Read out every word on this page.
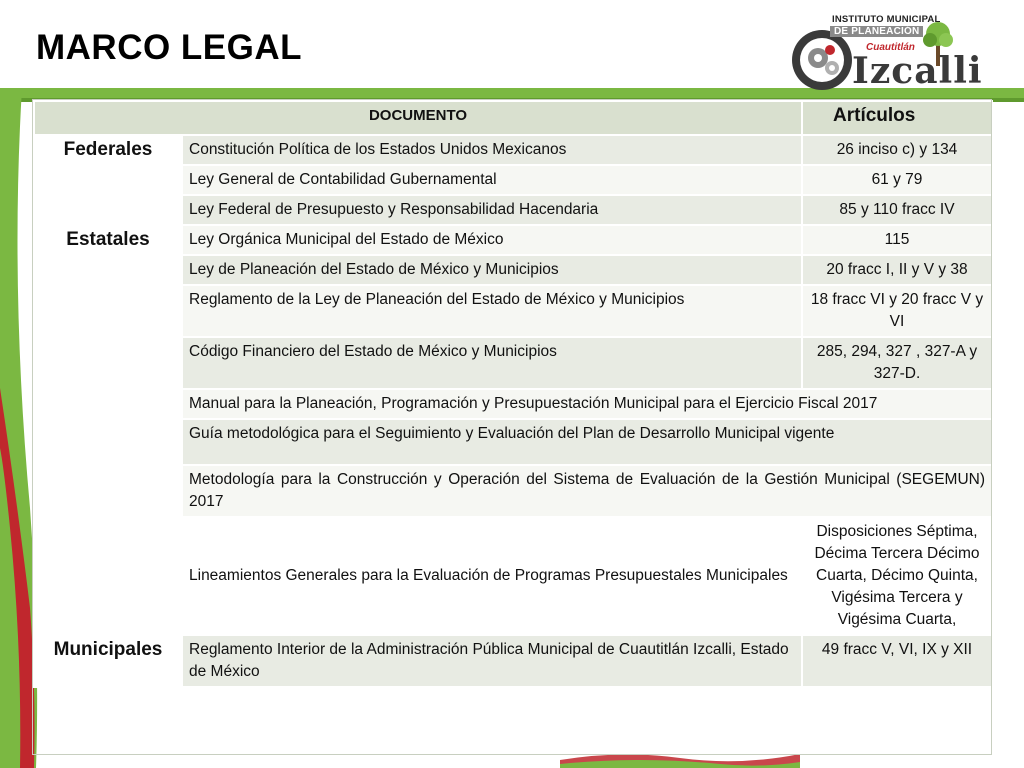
MARCO LEGAL
INSTITUTO MUNICIPAL
DE PLANEACIÓN
Cuautitlán
Izcalli
DOCUMENTO		Artículos
Federales	Constitución Política de los Estados Unidos Mexicanos	26 inciso c) y 134
	Ley General de Contabilidad Gubernamental	61 y 79
	Ley Federal de Presupuesto y Responsabilidad Hacendaria	85 y 110 fracc IV
Estatales	Ley Orgánica Municipal del Estado de México	115
	Ley de Planeación del Estado de México y Municipios	20 fracc I, II y V y 38
	Reglamento de la Ley de Planeación del Estado de México y Municipios	18 fracc VI y 20 fracc V y VI
	Código Financiero del Estado de México y Municipios	285, 294, 327 , 327-A y 327-D.
	Manual para la Planeación, Programación y Presupuestación Municipal para el Ejercicio Fiscal 2017	
	Guía metodológica para el Seguimiento y Evaluación del Plan de Desarrollo Municipal vigente	
	Metodología para la Construcción y Operación del Sistema de Evaluación de la Gestión Municipal (SEGEMUN) 2017	
	Lineamientos Generales para la Evaluación de Programas Presupuestales Municipales	Disposiciones Séptima, Décima Tercera Décimo Cuarta, Décimo Quinta, Vigésima Tercera y Vigésima Cuarta,
Municipales	Reglamento Interior de la Administración Pública Municipal de Cuautitlán Izcalli, Estado de México	49 fracc V, VI, IX y XII
